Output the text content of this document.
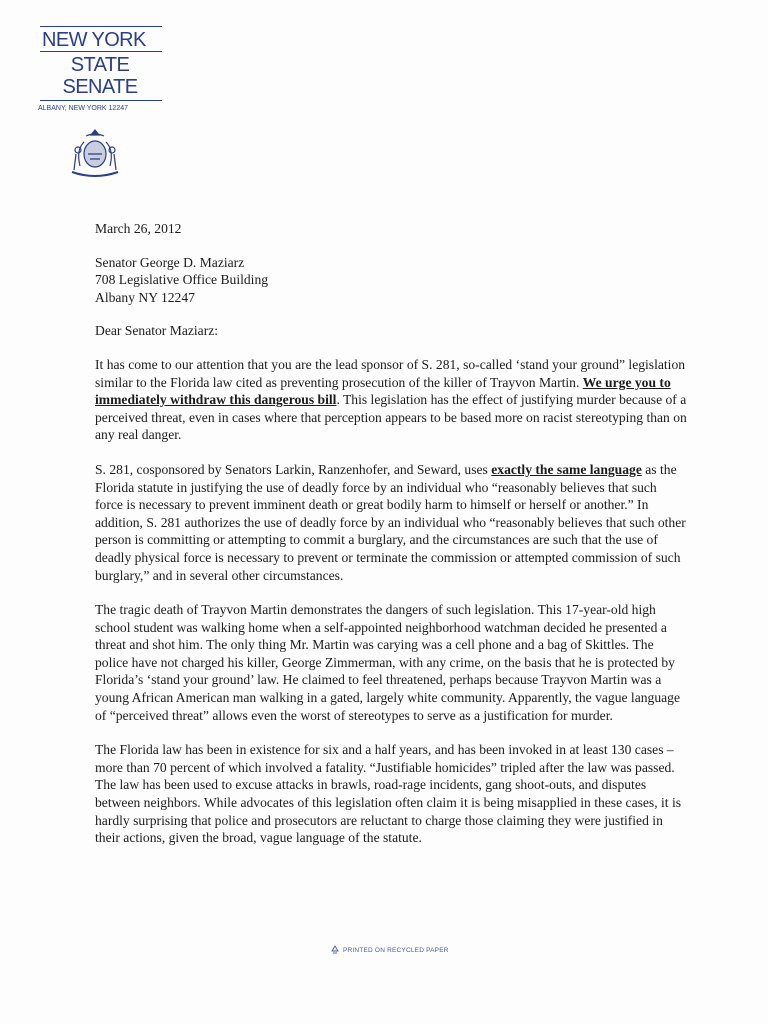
NEW YORK
STATE
SENATE
ALBANY, NEW YORK 12247
March 26, 2012
Senator George D. Maziarz
708 Legislative Office Building
Albany NY 12247
Dear Senator Maziarz:

It has come to our attention that you are the lead sponsor of S. 281, so-called ‘stand your ground” legislation similar to the Florida law cited as preventing prosecution of the killer of Trayvon Martin. We urge you to immediately withdraw this dangerous bill. This legislation has the effect of justifying murder because of a perceived threat, even in cases where that perception appears to be based more on racist stereotyping than on any real danger.

S. 281, cosponsored by Senators Larkin, Ranzenhofer, and Seward, uses exactly the same language as the Florida statute in justifying the use of deadly force by an individual who “reasonably believes that such force is necessary to prevent imminent death or great bodily harm to himself or herself or another.” In addition, S. 281 authorizes the use of deadly force by an individual who “reasonably believes that such other person is committing or attempting to commit a burglary, and the circumstances are such that the use of deadly physical force is necessary to prevent or terminate the commission or attempted commission of such burglary,” and in several other circumstances.

The tragic death of Trayvon Martin demonstrates the dangers of such legislation. This 17-year-old high school student was walking home when a self-appointed neighborhood watchman decided he presented a threat and shot him. The only thing Mr. Martin was carying was a cell phone and a bag of Skittles. The police have not charged his killer, George Zimmerman, with any crime, on the basis that he is protected by Florida’s ‘stand your ground’ law. He claimed to feel threatened, perhaps because Trayvon Martin was a young African American man walking in a gated, largely white community. Apparently, the vague language of “perceived threat” allows even the worst of stereotypes to serve as a justification for murder.

The Florida law has been in existence for six and a half years, and has been invoked in at least 130 cases – more than 70 percent of which involved a fatality. “Justifiable homicides” tripled after the law was passed. The law has been used to excuse attacks in brawls, road-rage incidents, gang shoot-outs, and disputes between neighbors. While advocates of this legislation often claim it is being misapplied in these cases, it is hardly surprising that police and prosecutors are reluctant to charge those claiming they were justified in their actions, given the broad, vague language of the statute.

PRINTED ON RECYCLED PAPER
